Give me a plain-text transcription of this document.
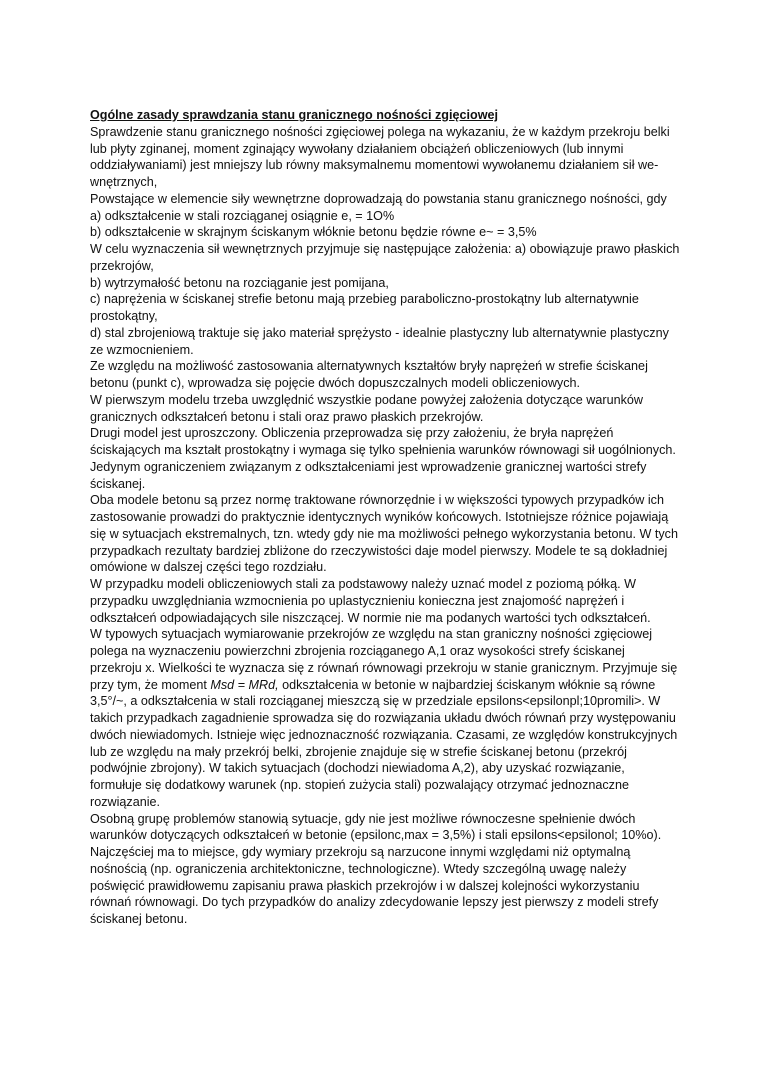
Ogólne zasady sprawdzania stanu granicznego nośności zgięciowej

Sprawdzenie stanu granicznego nośności zgięciowej polega na wykazaniu, że w każdym przekroju belki lub płyty zginanej, moment zginający wywołany działaniem obciążeń obliczeniowych (lub innymi oddziaływaniami) jest mniejszy lub równy maksymalnemu momentowi wywołanemu działaniem sił we-wnętrznych,

Powstające w elemencie siły wewnętrzne doprowadzają do powstania stanu granicznego nośności, gdy

a) odkształcenie w stali rozciąganej osiągnie e, = 1O%

b) odkształcenie w skrajnym ściskanym włóknie betonu będzie równe e~ = 3,5%

W celu wyznaczenia sił wewnętrznych przyjmuje się następujące założenia: a) obowiązuje prawo płaskich przekrojów,

b) wytrzymałość betonu na rozciąganie jest pomijana,

c) naprężenia w ściskanej strefie betonu mają przebieg paraboliczno-prostokątny lub alternatywnie prostokątny,

d) stal zbrojeniową traktuje się jako materiał sprężysto - idealnie plastyczny lub alternatywnie plastyczny ze wzmocnieniem.

Ze względu na możliwość zastosowania alternatywnych kształtów bryły naprężeń w strefie ściskanej betonu (punkt c), wprowadza się pojęcie dwóch dopuszczalnych modeli obliczeniowych.

W pierwszym modelu trzeba uwzględnić wszystkie podane powyżej założenia dotyczące warunków granicznych odkształceń betonu i stali oraz prawo płaskich przekrojów.

Drugi model jest uproszczony. Obliczenia przeprowadza się przy założeniu, że bryła naprężeń ściskających ma kształt prostokątny i wymaga się tylko spełnienia warunków równowagi sił uogólnionych. Jedynym ograniczeniem związanym z odkształceniami jest wprowadzenie granicznej wartości strefy ściskanej.

Oba modele betonu są przez normę traktowane równorzędnie i w większości typowych przypadków ich zastosowanie prowadzi do praktycznie identycznych wyników końcowych. Istotniejsze różnice pojawiają się w sytuacjach ekstremalnych, tzn. wtedy gdy nie ma możliwości pełnego wykorzystania betonu. W tych przypadkach rezultaty bardziej zbliżone do rzeczywistości daje model pierwszy. Modele te są dokładniej omówione w dalszej części tego rozdziału.

W przypadku modeli obliczeniowych stali za podstawowy należy uznać model z poziomą półką. W przypadku uwzględniania wzmocnienia po uplastycznieniu konieczna jest znajomość naprężeń i odkształceń odpowiadających sile niszczącej. W normie nie ma podanych wartości tych odkształceń.

W typowych sytuacjach wymiarowanie przekrojów ze względu na stan graniczny nośności zgięciowej polega na wyznaczeniu powierzchni zbrojenia rozciąganego A,1 oraz wysokości strefy ściskanej przekroju x. Wielkości te wyznacza się z równań równowagi przekroju w stanie granicznym. Przyjmuje się przy tym, że moment Msd = MRd, odkształcenia w betonie w najbardziej ściskanym włóknie są równe 3,5°/~, a odkształcenia w stali rozciąganej mieszczą się w przedziale epsilons<epsilonpl;10promili>. W takich przypadkach zagadnienie sprowadza się do rozwiązania układu dwóch równań przy występowaniu dwóch niewiadomych. Istnieje więc jednoznaczność rozwiązania. Czasami, ze względów konstrukcyjnych lub ze względu na mały przekrój belki, zbrojenie znajduje się w strefie ściskanej betonu (przekrój podwójnie zbrojony). W takich sytuacjach (dochodzi niewiadoma A,2), aby uzyskać rozwiązanie, formułuje się dodatkowy warunek (np. stopień zużycia stali) pozwalający otrzymać jednoznaczne rozwiązanie.

Osobną grupę problemów stanowią sytuacje, gdy nie jest możliwe równoczesne spełnienie dwóch warunków dotyczących odkształceń w betonie (epsilonc,max = 3,5%) i stali epsilons<epsilonol; 10%o). Najczęściej ma to miejsce, gdy wymiary przekroju są narzucone innymi względami niż optymalną nośnością (np. ograniczenia architektoniczne, technologiczne). Wtedy szczególną uwagę należy poświęcić prawidłowemu zapisaniu prawa płaskich przekrojów i w dalszej kolejności wykorzystaniu równań równowagi. Do tych przypadków do analizy zdecydowanie lepszy jest pierwszy z modeli strefy ściskanej betonu.
